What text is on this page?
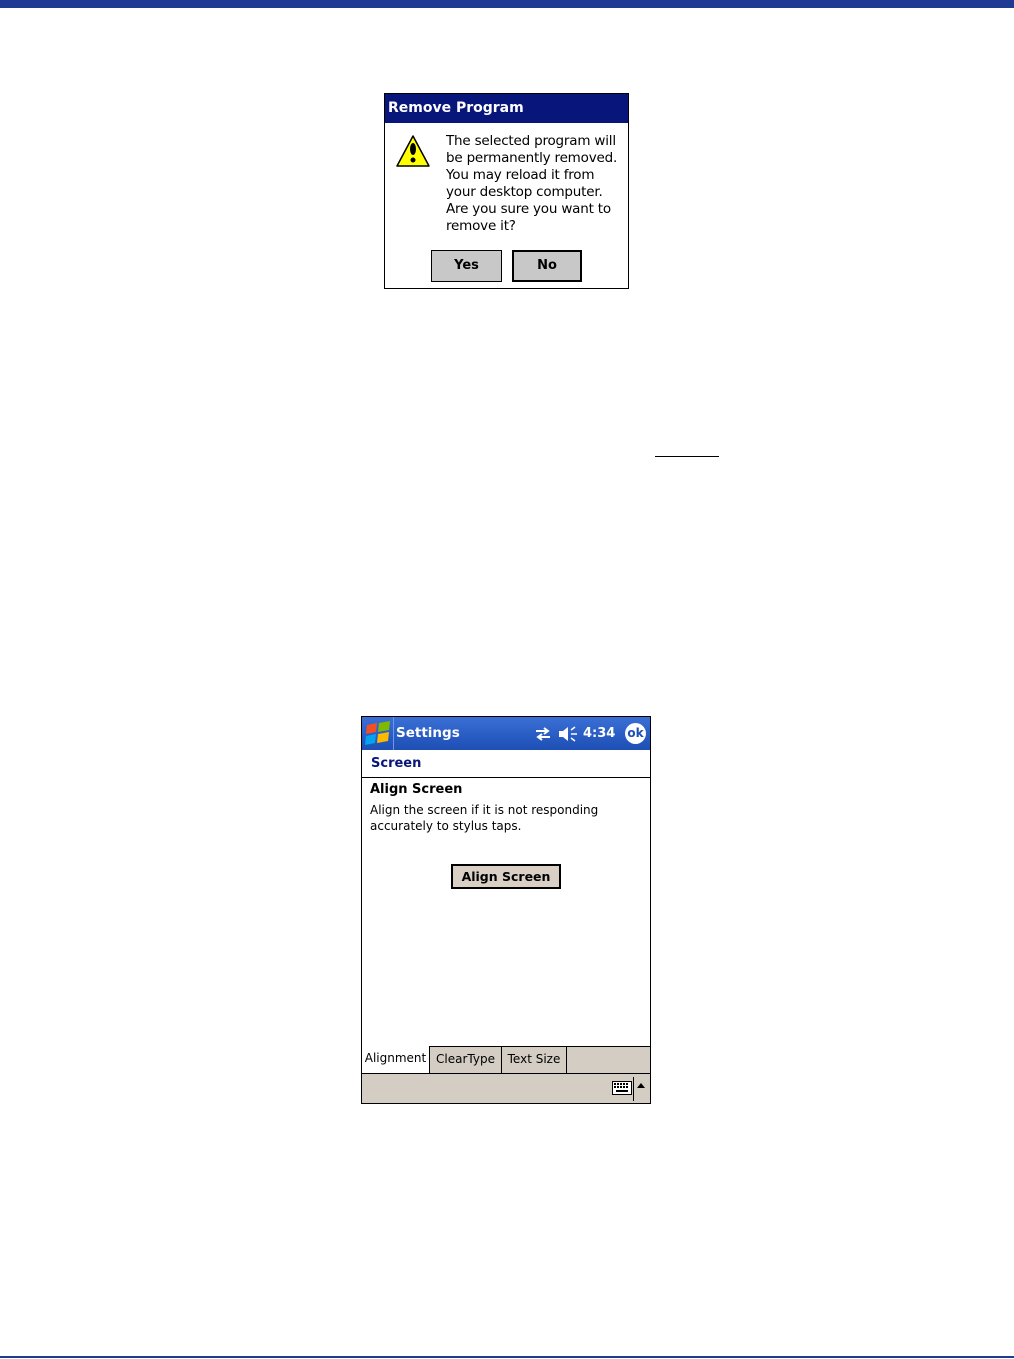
Remove Program
The selected program will
be permanently removed.
You may reload it from
your desktop computer.
Are you sure you want to
remove it?
Yes	No
Settings	4:34 ok
Screen
Align Screen
Align the screen if it is not responding
accurately to stylus taps.
Align Screen
Alignment ClearType	Text Size
